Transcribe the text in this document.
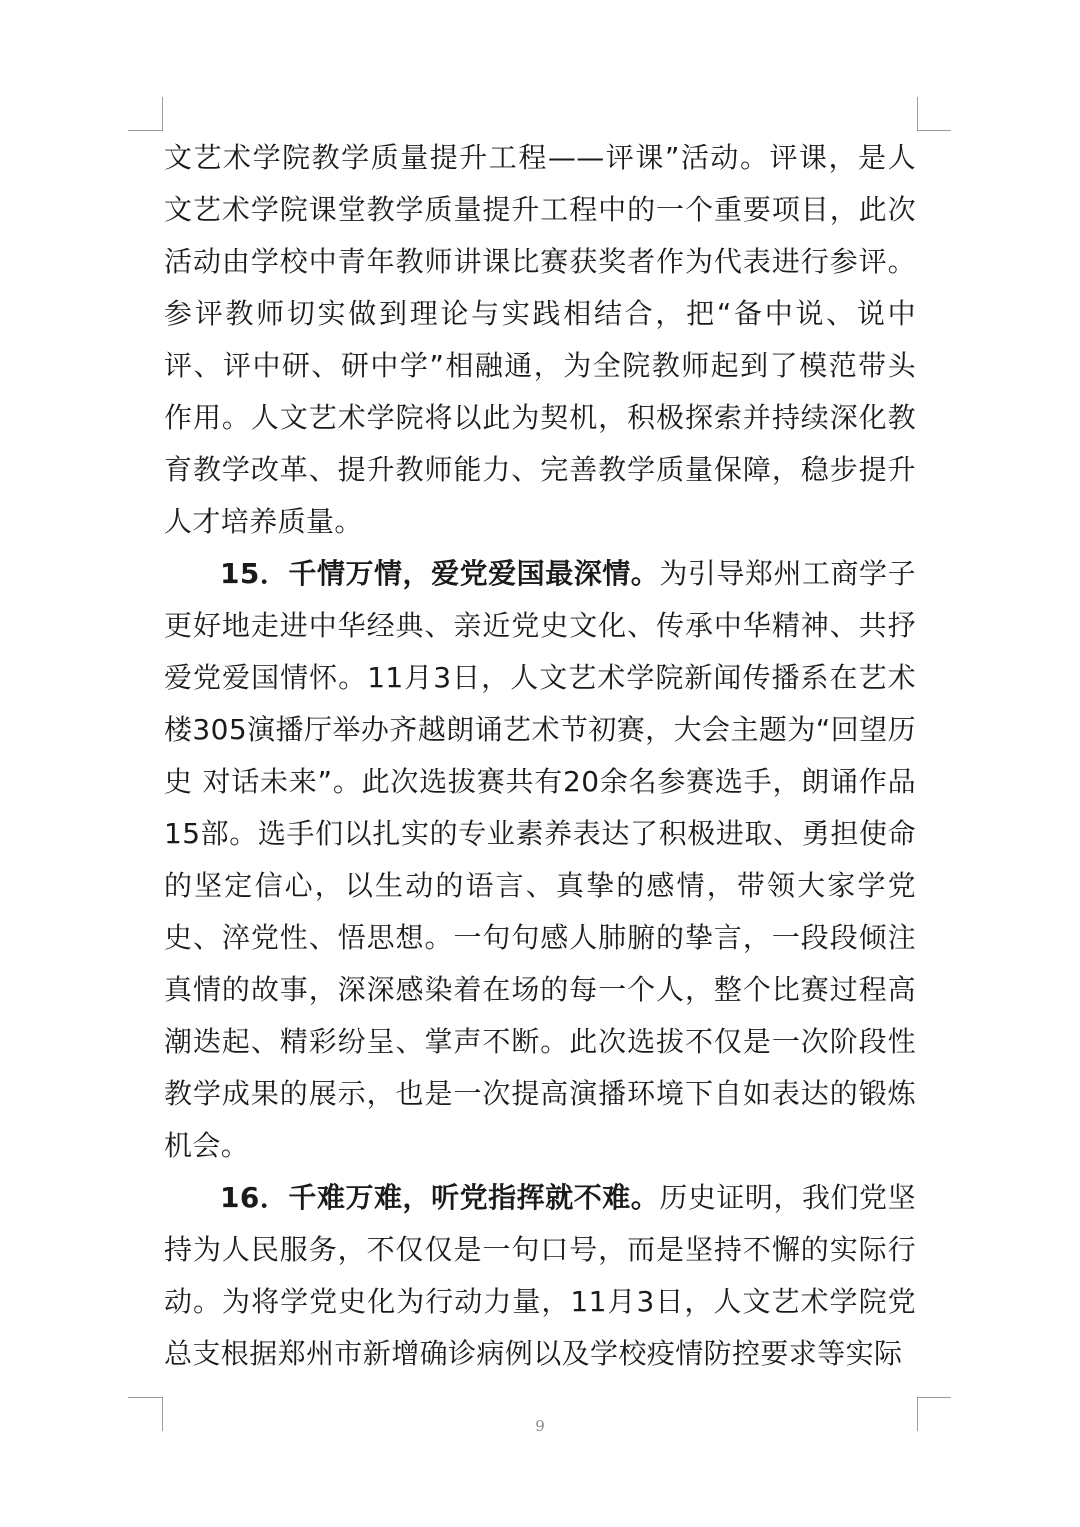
文艺术学院教学质量提升工程——评课”活动。评课，是人文艺术学院课堂教学质量提升工程中的一个重要项目，此次活动由学校中青年教师讲课比赛获奖者作为代表进行参评。参评教师切实做到理论与实践相结合，把“备中说、说中评、评中研、研中学”相融通，为全院教师起到了模范带头作用。人文艺术学院将以此为契机，积极探索并持续深化教育教学改革、提升教师能力、完善教学质量保障，稳步提升人才培养质量。

15．千情万情，爱党爱国最深情。为引导郑州工商学子更好地走进中华经典、亲近党史文化、传承中华精神、共抒爱党爱国情怀。11月3日，人文艺术学院新闻传播系在艺术楼305演播厅举办齐越朗诵艺术节初赛，大会主题为“回望历史 对话未来”。此次选拔赛共有20余名参赛选手，朗诵作品15部。选手们以扎实的专业素养表达了积极进取、勇担使命的坚定信心，以生动的语言、真挚的感情，带领大家学党史、淬党性、悟思想。一句句感人肺腑的挚言，一段段倾注真情的故事，深深感染着在场的每一个人，整个比赛过程高潮迭起、精彩纷呈、掌声不断。此次选拔不仅是一次阶段性教学成果的展示，也是一次提高演播环境下自如表达的锻炼机会。

16．千难万难，听党指挥就不难。历史证明，我们党坚持为人民服务，不仅仅是一句口号，而是坚持不懈的实际行动。为将学党史化为行动力量，11月3日，人文艺术学院党总支根据郑州市新增确诊病例以及学校疫情防控要求等实际

9
